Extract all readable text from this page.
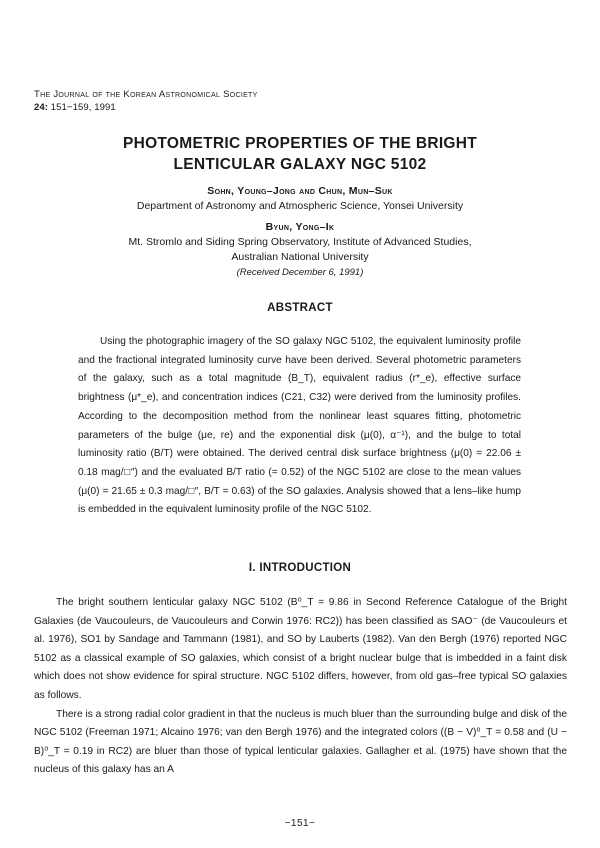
The Journal of the Korean Astronomical Society
24: 151−159, 1991
PHOTOMETRIC PROPERTIES OF THE BRIGHT
LENTICULAR GALAXY NGC 5102
Sohn, Young–Jong and Chun, Mun–Suk
Department of Astronomy and Atmospheric Science, Yonsei University
Byun, Yong–Ik
Mt. Stromlo and Siding Spring Observatory, Institute of Advanced Studies,
Australian National University
(Received December 6, 1991)
ABSTRACT

Using the photographic imagery of the SO galaxy NGC 5102, the equivalent luminosity profile and the fractional integrated luminosity curve have been derived. Several photometric parameters of the galaxy, such as a total magnitude (B_T), equivalent radius (r*_e), effective surface brightness (μ*_e), and concentration indices (C21, C32) were derived from the luminosity profiles. According to the decomposition method from the nonlinear least squares fitting, photometric parameters of the bulge (μe, re) and the exponential disk (μ(0), α⁻¹), and the bulge to total luminosity ratio (B/T) were obtained. The derived central disk surface brightness (μ(0) = 22.06 ± 0.18 mag/□″) and the evaluated B/T ratio (= 0.52) of the NGC 5102 are close to the mean values (μ(0) = 21.65 ± 0.3 mag/□″, B/T = 0.63) of the SO galaxies. Analysis showed that a lens–like hump is embedded in the equivalent luminosity profile of the NGC 5102.

I. INTRODUCTION

The bright southern lenticular galaxy NGC 5102 (B⁰_T = 9.86 in Second Reference Catalogue of the Bright Galaxies (de Vaucouleurs, de Vaucouleurs and Corwin 1976: RC2)) has been classified as SAO⁻ (de Vaucouleurs et al. 1976), SO1 by Sandage and Tammann (1981), and SO by Lauberts (1982). Van den Bergh (1976) reported NGC 5102 as a classical example of SO galaxies, which consist of a bright nuclear bulge that is imbedded in a faint disk which does not show evidence for spiral structure. NGC 5102 differs, however, from old gas–free typical SO galaxies as follows.

There is a strong radial color gradient in that the nucleus is much bluer than the surrounding bulge and disk of the NGC 5102 (Freeman 1971; Alcaino 1976; van den Bergh 1976) and the integrated colors ((B − V)⁰_T = 0.58 and (U − B)⁰_T = 0.19 in RC2) are bluer than those of typical lenticular galaxies. Gallagher et al. (1975) have shown that the nucleus of this galaxy has an A

−151−
